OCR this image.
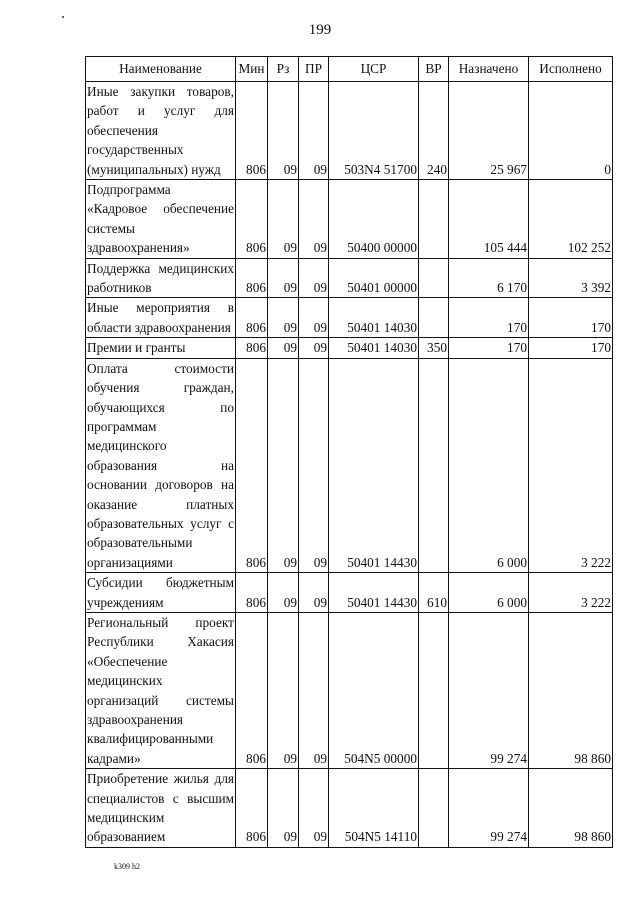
199
Наименование	Мин	Рз	ПР	ЦСР	ВР	Назначено	Исполнено
Иные закупки товаров, работ и услуг для обеспечения государственных (муниципальных) нужд	806	09	09	503N4 51700	240	25 967	0
Подпрограмма «Кадровое обеспечение системы здравоохранения»	806	09	09	50400 00000		105 444	102 252
Поддержка медицинских работников	806	09	09	50401 00000		6 170	3 392
Иные мероприятия в области здравоохранения	806	09	09	50401 14030		170	170
Премии и гранты	806	09	09	50401 14030	350	170	170
Оплата стоимости обучения граждан, обучающихся по программам медицинского образования на основании договоров на оказание платных образовательных услуг с образовательными организациями	806	09	09	50401 14430		6 000	3 222
Субсидии бюджетным учреждениям	806	09	09	50401 14430	610	6 000	3 222
Региональный проект Республики Хакасия «Обеспечение медицинских организаций системы здравоохранения квалифицированными кадрами»	806	09	09	504N5 00000		99 274	98 860
Приобретение жилья для специалистов с высшим медицинским образованием	806	09	09	504N5 14110		99 274	98 860
k309 h2
